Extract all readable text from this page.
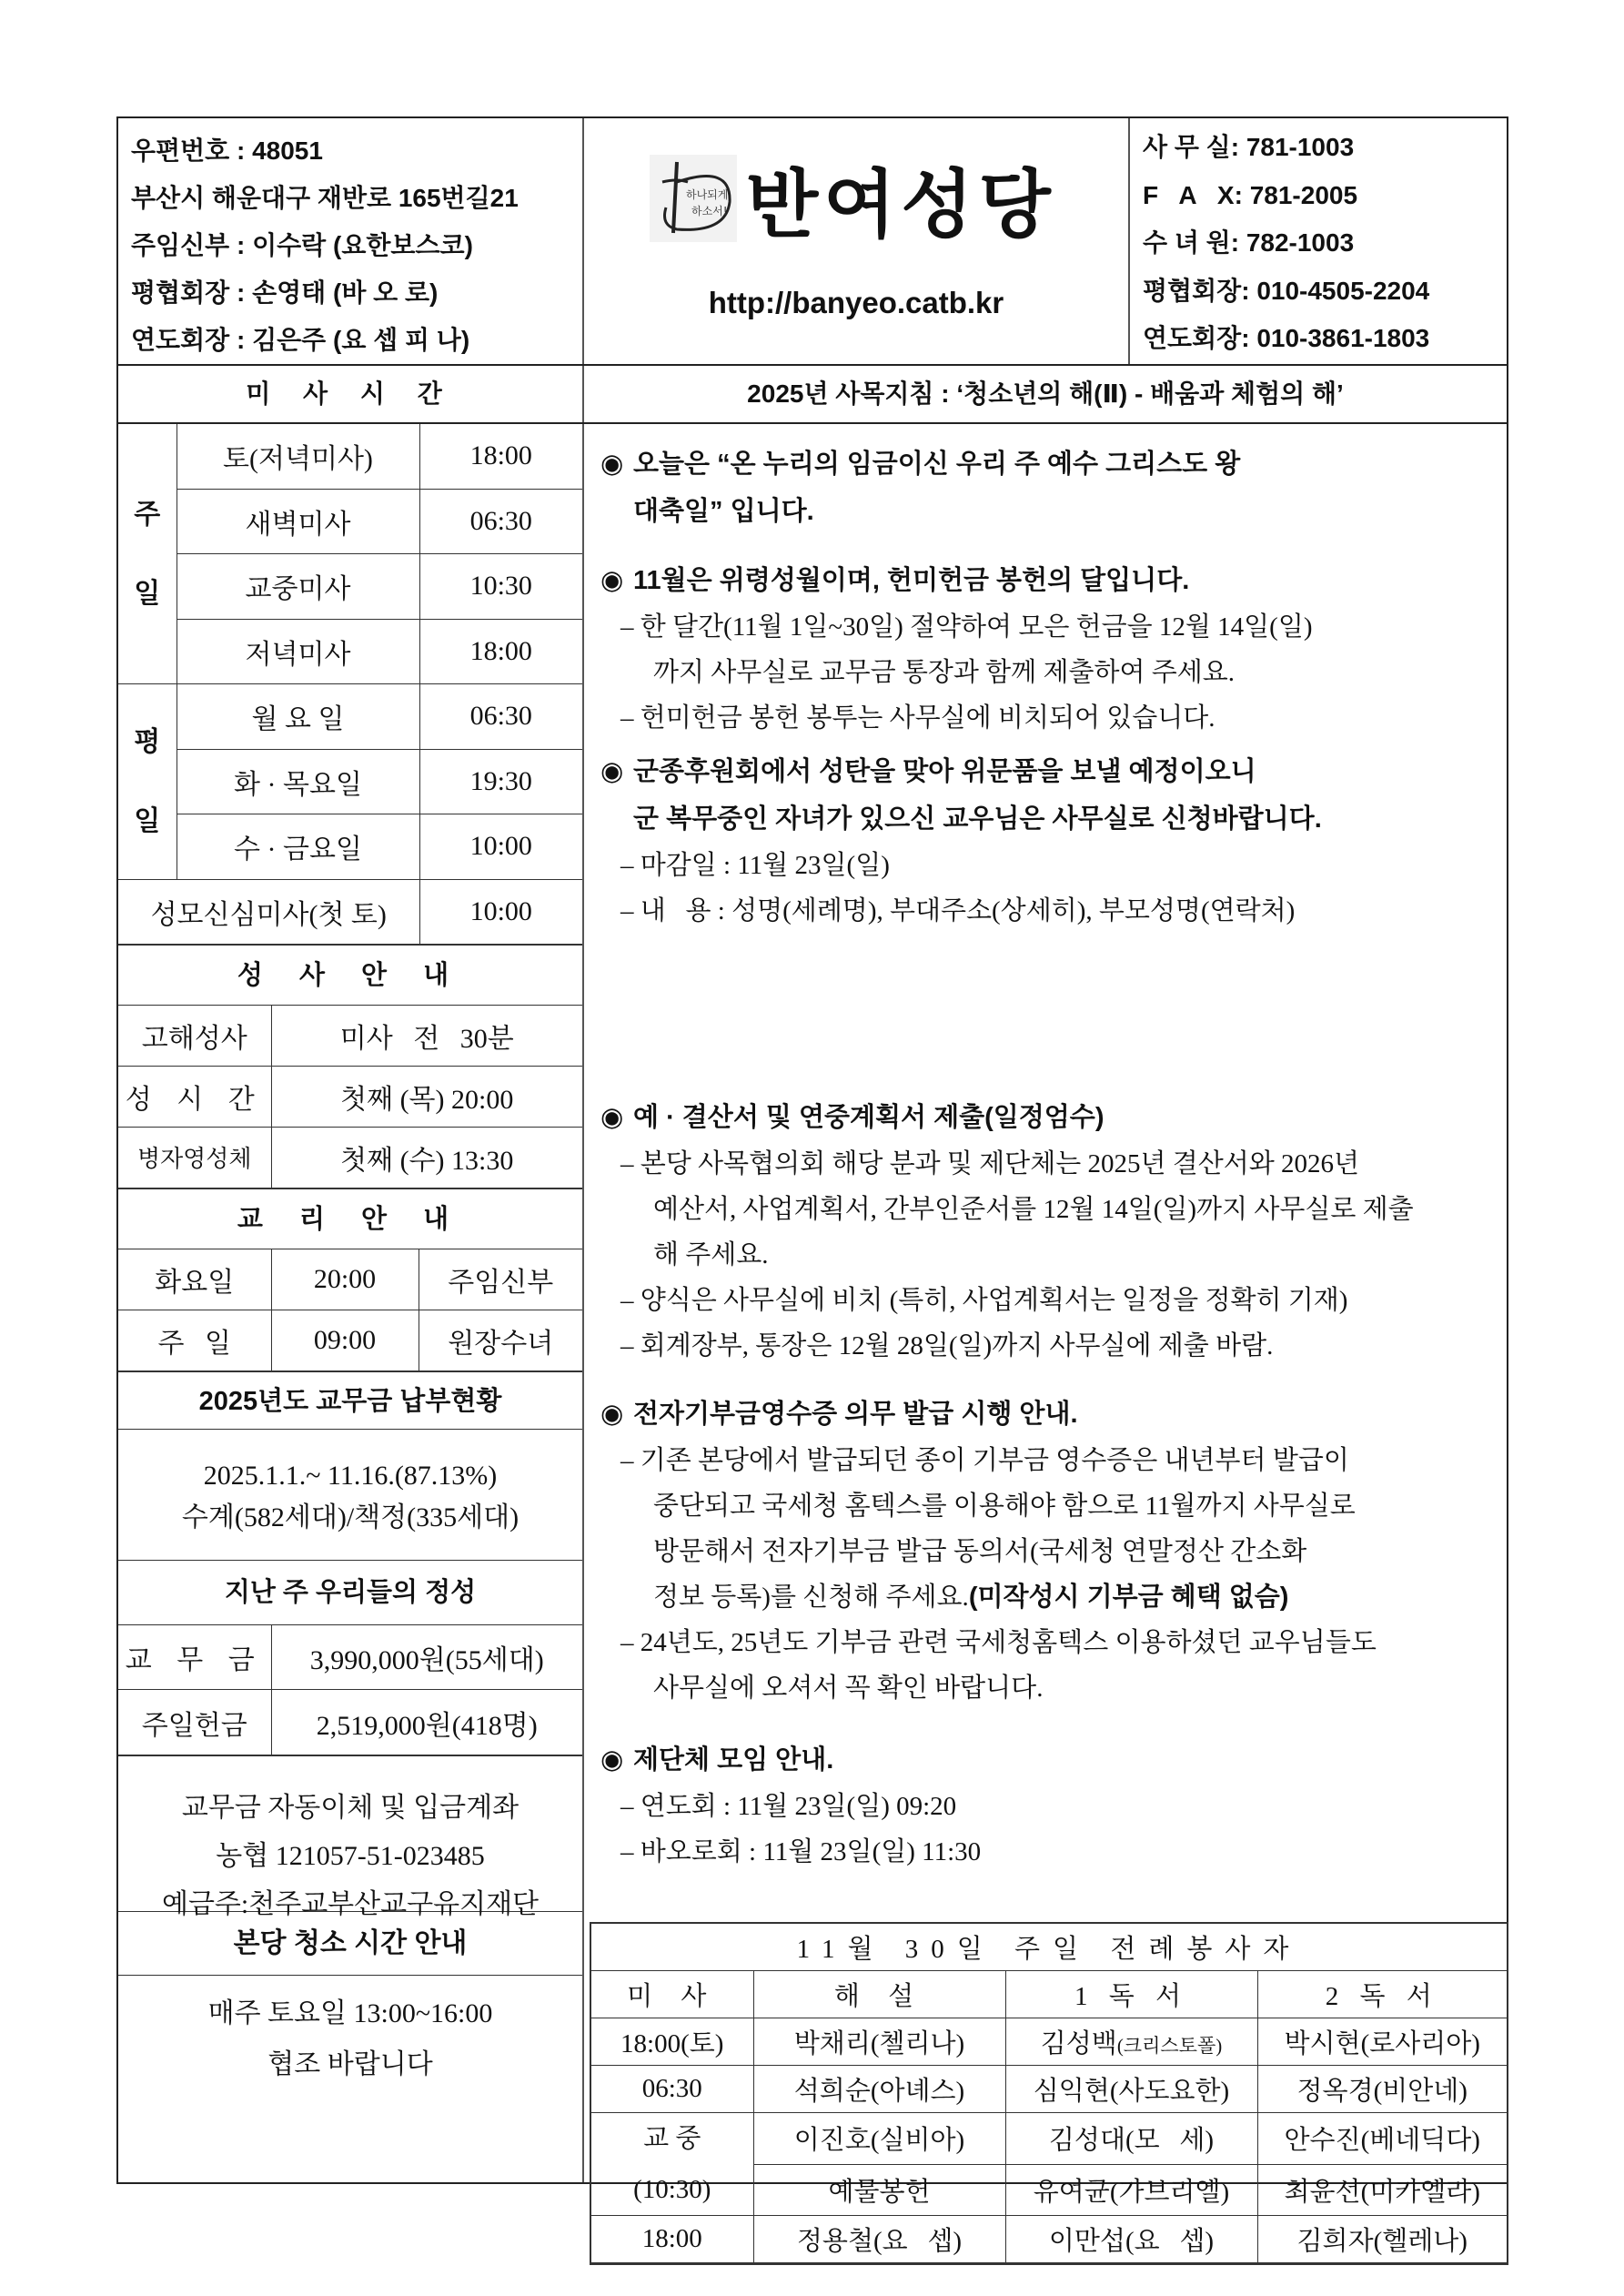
우편번호 : 48051
부산시 해운대구 재반로 165번길21
주임신부 : 이수락 (요한보스코)
평협회장 : 손영태 (바 오 로)
연도회장 : 김은주 (요 셉 피 나)
하나되게
하소서! 반여성당
http://banyeo.catb.kr
사 무 실: 781-1003
F   A   X: 781-2005
수 녀 원: 782-1003
평협회장: 010-4505-2204
연도회장: 010-3861-1803
미 사 시 간	2025년 사목지침 : ‘청소년의 해(Ⅱ) - 배움과 체험의 해’
주
일	토(저녁미사)	18:00
	새벽미사	06:30
	교중미사	10:30
	저녁미사	18:00
평
일	월 요 일	06:30
	화 · 목요일	19:30
	수 · 금요일	10:00
성모신심미사(첫 토)		10:00
성 사 안 내
고해성사	미사   전   30분
성 시 간	첫째 (목) 20:00
병자영성체	첫째 (수) 13:30
교 리 안 내
화요일	20:00	주임신부
주   일	09:00	원장수녀
2025년도 교무금 납부현황
2025.1.1.~ 11.16.(87.13%)
수계(582세대)/책정(335세대)
지난 주 우리들의 정성
교 무 금	3,990,000원(55세대)
주일헌금	2,519,000원(418명)
교무금 자동이체 및 입금계좌
농협 121057-51-023485
예금주:천주교부산교구유지재단
본당 청소 시간 안내
매주 토요일 13:00~16:00
협조 바랍니다
◉ 오늘은 “온 누리의 임금이신 우리 주 예수 그리스도 왕
대축일” 입니다.
◉ 11월은 위령성월이며, 헌미헌금 봉헌의 달입니다.
– 한 달간(11월 1일~30일) 절약하여 모은 헌금을 12월 14일(일)
까지 사무실로 교무금 통장과 함께 제출하여 주세요.
– 헌미헌금 봉헌 봉투는 사무실에 비치되어 있습니다.
◉ 군종후원회에서 성탄을 맞아 위문품을 보낼 예정이오니
군 복무중인 자녀가 있으신 교우님은 사무실로 신청바랍니다.
– 마감일 : 11월 23일(일)
– 내   용 : 성명(세례명), 부대주소(상세히), 부모성명(연락처)
◉ 예 · 결산서 및 연중계획서 제출(일정엄수)
– 본당 사목협의회 해당 분과 및 제단체는 2025년 결산서와 2026년
예산서, 사업계획서, 간부인준서를 12월 14일(일)까지 사무실로 제출
해 주세요.
– 양식은 사무실에 비치 (특히, 사업계획서는 일정을 정확히 기재)
– 회계장부, 통장은 12월 28일(일)까지 사무실에 제출 바람.
◉ 전자기부금영수증 의무 발급 시행 안내.
– 기존 본당에서 발급되던 종이 기부금 영수증은 내년부터 발급이
중단되고 국세청 홈텍스를 이용해야 함으로 11월까지 사무실로
방문해서 전자기부금 발급 동의서(국세청 연말정산 간소화
정보 등록)를 신청해 주세요.(미작성시 기부금 혜택 없슴)
– 24년도, 25년도 기부금 관련 국세청홈텍스 이용하셨던 교우님들도
사무실에 오셔서 꼭 확인 바랍니다.
◉ 제단체 모임 안내.
– 연도회 : 11월 23일(일) 09:20
– 바오로회 : 11월 23일(일) 11:30
11월 30일 주일 전례봉사자			
미 사	해 설	1 독 서	2 독 서
18:00(토)	박채리(첼리나)	김성백(크리스토폴)	박시현(로사리아)
06:30	석희순(아녜스)	심익현(사도요한)	정옥경(비안네)
교 중
(10:30)	이진호(실비아)	김성대(모   세)	안수진(베네딕다)
	예물봉헌	유여균(가브리엘)	최윤선(미카엘라)
18:00	정용철(요   셉)	이만섭(요   셉)	김희자(헬레나)
